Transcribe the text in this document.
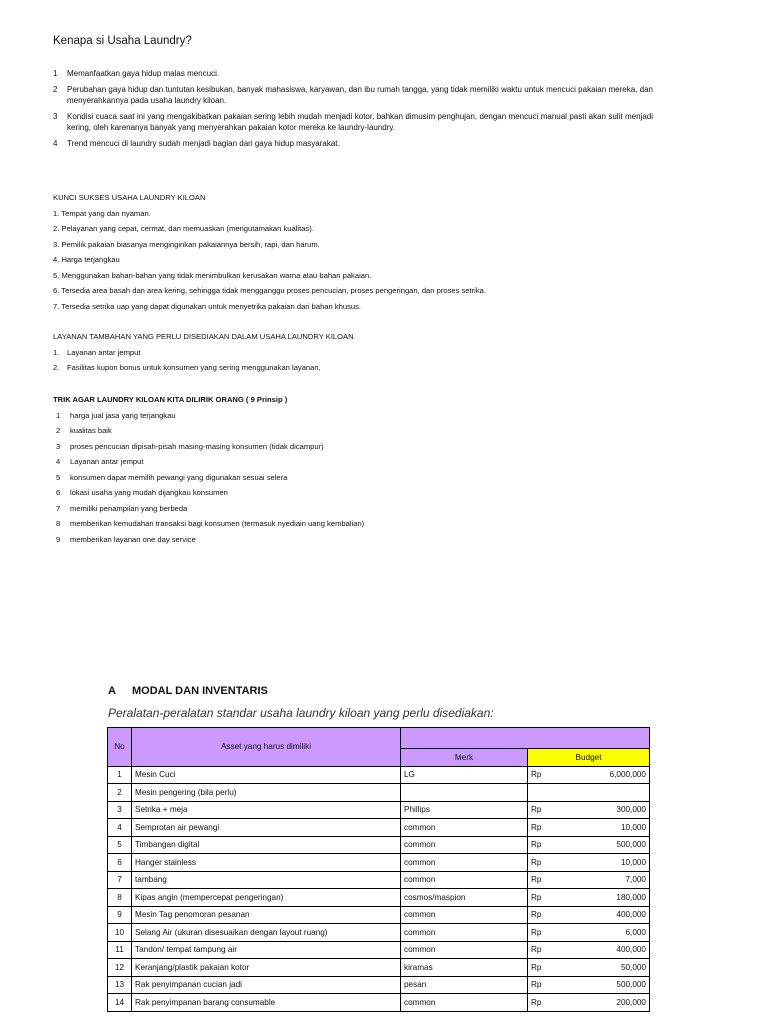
Kenapa si Usaha Laundry?
1	Memanfaatkan gaya hidup malas mencuci.
2	Perubahan gaya hidup dan tuntutan kesibukan, banyak mahasiswa, karyawan, dan ibu rumah tangga, yang tidak memiliki waktu untuk mencuci pakaian mereka, dan menyerahkannya pada usaha laundry kiloan.
3	Kondisi cuaca saat ini yang mengakibatkan pakaian sering lebih mudah menjadi kotor, bahkan dimusim penghujan, dengan mencuci manual pasti akan sulit menjadi kering, oleh karenanya banyak yang menyerahkan pakaian kotor mereka ke laundry-laundry.
4	Trend mencuci di laundry sudah menjadi bagian dari gaya hidup masyarakat.
KUNCI SUKSES USAHA LAUNDRY KILOAN
1. Tempat yang dan nyaman.
2. Pelayanan yang cepat, cermat, dan memuaskan (mengutamakan kualitas).
3. Pemilik pakaian biasanya menginginkan pakaiannya bersih, rapi, dan harum.
4. Harga terjangkau
5. Menggunakan bahan-bahan yang tidak menimbulkan kerusakan warna atau bahan pakaian.
6. Tersedia area basah dan area kering, sehingga tidak mengganggu proses pencucian, proses pengeringan, dan proses setrika.
7. Tersedia setrika uap yang dapat digunakan untuk menyetrika pakaian dari bahan khusus.
LAYANAN TAMBAHAN YANG PERLU DISEDIAKAN DALAM USAHA LAUNDRY KILOAN
1. Layanan antar jemput
2. Fasilitas kupon bonus untuk konsumen yang sering menggunakan layanan,
TRIK AGAR LAUNDRY KILOAN KITA DILIRIK ORANG ( 9 Prinsip )
1 harga jual jasa yang terjangkau
2 kualitas baik
3 proses pencucian dipisah-pisah masing-masing konsumen (tidak dicampur)
4 Layanan antar jemput
5 konsumen dapat memilih pewangi yang digunakan sesuai selera
6 lokasi usaha yang mudah dijangkau konsumen
7 memiliki penampilan yang berbeda
8 memberikan kemudahan transaksi bagi konsumen (termasuk nyediain uang kembalian)
9 memberikan layanan one day service
A MODAL DAN INVENTARIS
Peralatan-peralatan standar usaha laundry kiloan yang perlu disediakan:
No	Asset yang harus dimiliki			
		Merk	Budget	
1	Mesin Cuci	LG	Rp	6,000,000
2	Mesin pengering (bila perlu)			
3	Setrika + meja	Phillips	Rp	300,000
4	Semprotan air pewangi	common	Rp	10,000
5	Timbangan digital	common	Rp	500,000
6	Hanger stainless	common	Rp	10,000
7	tambang	common	Rp	7,000
8	Kipas angin (mempercepat pengeringan)	cosmos/maspion	Rp	180,000
9	Mesin Tag penomoran pesanan	common	Rp	400,000
10	Selang Air (ukuran disesuaikan dengan layout ruang)	common	Rp	6,000
11	Tandon/ tempat tampung air	common	Rp	400,000
12	Keranjang/plastik pakaian kotor	kiramas	Rp	50,000
13	Rak penyimpanan cucian jadi	pesan	Rp	500,000
14	Rak penyimpanan barang consumable	common	Rp	200,000
